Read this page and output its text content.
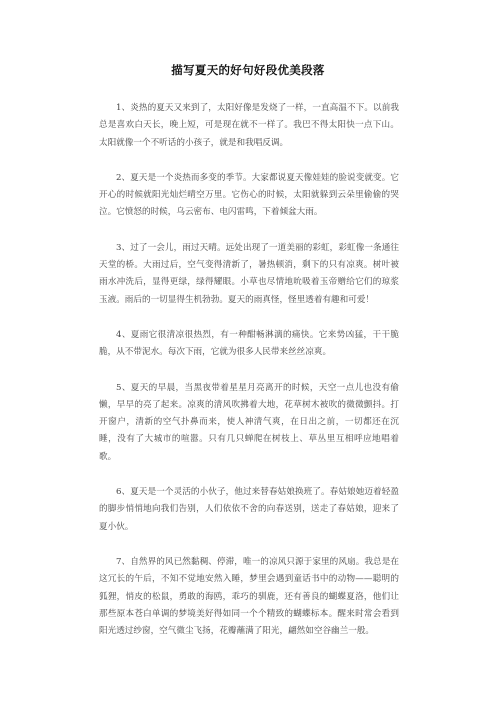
描写夏天的好句好段优美段落

1、炎热的夏天又来到了，太阳好像是发烧了一样，一直高温不下。以前我总是喜欢白天长，晚上短，可是现在就不一样了。我巴不得太阳快一点下山。太阳就像一个不听话的小孩子，就是和我唱反调。

2、夏天是一个炎热而多变的季节。大家都说夏天像娃娃的脸说变就变。它开心的时候就阳光灿烂晴空万里。它伤心的时候，太阳就躲到云朵里偷偷的哭泣。它愤怒的时候，乌云密布、电闪雷鸣，下着倾盆大雨。

3、过了一会儿，雨过天晴。远处出现了一道美丽的彩虹，彩虹像一条通往天堂的桥。大雨过后，空气变得清新了，暑热顿消，剩下的只有凉爽。树叶被雨水冲洗后，显得更绿，绿得耀眼。小草也尽情地吮吸着玉帝赠给它们的琼浆玉液。雨后的一切显得生机勃勃。夏天的雨真怪，怪里透着有趣和可爱！

4、夏雨它很清凉很热烈，有一种酣畅淋漓的痛快。它来势凶猛，干干脆脆，从不带泥水。每次下雨，它就为很多人民带来丝丝凉爽。

5、夏天的早晨，当黑夜带着星星月亮离开的时候，天空一点儿也没有偷懒，早早的亮了起来。凉爽的清风吹拂着大地，花草树木被吹的微微颤抖。打开窗户，清新的空气扑鼻而来，使人神清气爽，在日出之前，一切都还在沉睡，没有了大城市的喧嚣。只有几只蝉爬在树枝上、草丛里互相呼应地唱着歌。

6、夏天是一个灵活的小伙子，他过来替春姑娘换班了。春姑娘她迈着轻盈的脚步悄悄地向我们告别，人们依依不舍的向春送别，送走了春姑娘，迎来了夏小伙。

7、自然界的风已然黏稠、停滞，唯一的凉风只源于家里的风扇。我总是在这冗长的午后，不知不觉地安然入睡，梦里会遇到童话书中的动物——聪明的狐狸，悄皮的松鼠，勇敢的海鸥，乖巧的驯鹿，还有善良的蝴蝶夏洛，他们让那些原本苍白单调的梦境美好得如同一个个精致的蝴蝶标本。醒来时常会看到阳光透过纱窗，空气微尘飞扬，花瓣蘸满了阳光，翩然如空谷幽兰一般。
